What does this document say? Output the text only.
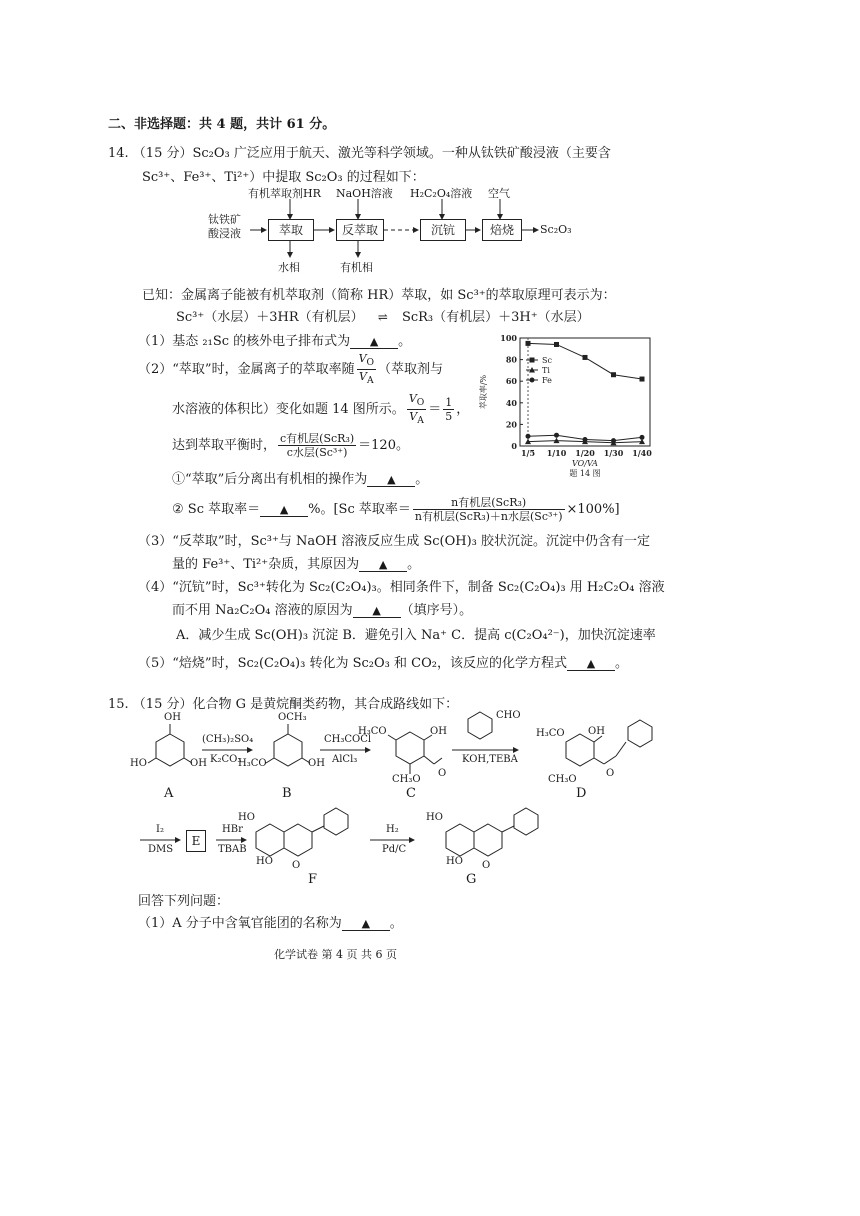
二、非选择题：共 4 题，共计 61 分。
14. （15 分）Sc₂O₃ 广泛应用于航天、激光等科学领域。一种从钛铁矿酸浸液（主要含
Sc³⁺、Fe³⁺、Ti²⁺）中提取 Sc₂O₃ 的过程如下：
有机萃取剂HR NaOH溶液 H₂C₂O₄溶液 空气
钛铁矿
酸浸液	萃取	反萃取	沉钪	焙烧	Sc₂O₃
水相	有机相
已知：金属离子能被有机萃取剂（简称 HR）萃取，如 Sc³⁺的萃取原理可表示为：
Sc³⁺（水层）＋3HR（有机层） ⇌ ScR₃（有机层）＋3H⁺（水层）
（1）基态 ₂₁Sc 的核外电子排布式为 ▲ 。
（2）“萃取”时，金属离子的萃取率随 $\frac{V_O}{V_A}$ （萃取剂与
水溶液的体积比）变化如题 14 图所示。 $\frac{V_O}{V_A} = \frac{1}{5}$ ，
达到萃取平衡时， $\frac{\text{c有机层(ScR₃)}}{\text{c水层(Sc³⁺)}} =120$。
①“萃取”后分离出有机相的操作为 ▲ 。
② Sc 萃取率＝ ▲ %。[Sc 萃取率＝ $\frac{\text{n有机层(ScR₃)}}{\text{n有机层(ScR₃)＋n水层(Sc³⁺)}} \times 100\%$]
0
20
40
60
80
100
1/5 1/10 1/20 1/30 1/40
萃取率/%
VO/VA
题 14 图
Sc
Ti
Fe
（3）“反萃取”时，Sc³⁺与 NaOH 溶液反应生成 Sc(OH)₃ 胶状沉淀。沉淀中仍含有一定
量的 Fe³⁺、Ti²⁺杂质，其原因为 ▲ 。
（4）“沉钪”时，Sc³⁺转化为 Sc₂(C₂O₄)₃。相同条件下，制备 Sc₂(C₂O₄)₃ 用 H₂C₂O₄ 溶液
而不用 Na₂C₂O₄ 溶液的原因为 ▲ （填序号）。
A．减少生成 Sc(OH)₃ 沉淀 B．避免引入 Na⁺ C．提高 c(C₂O₄²⁻)，加快沉淀速率
（5）“焙烧”时，Sc₂(C₂O₄)₃ 转化为 Sc₂O₃ 和 CO₂，该反应的化学方程式 ▲ 。
15. （15 分）化合物 G 是黄烷酮类药物，其合成路线如下：
OH
HO	OH
OCH₃
H₃CO	OH
H₃CO	OH
CH₃O
O
H₃CO OH
CH₃O
O
HO
HO O
HO
HO O
(CH₃)₂SO₄
K₂CO₃
CH₃COCl
AlCl₃
CHO
KOH,TEBA
I₂
DMS
HBr
TBAB
H₂
Pd/C
E
A	B	C	D
F	G
回答下列问题：
（1）A 分子中含氧官能团的名称为 ▲ 。
化学试卷 第 4 页 共 6 页
